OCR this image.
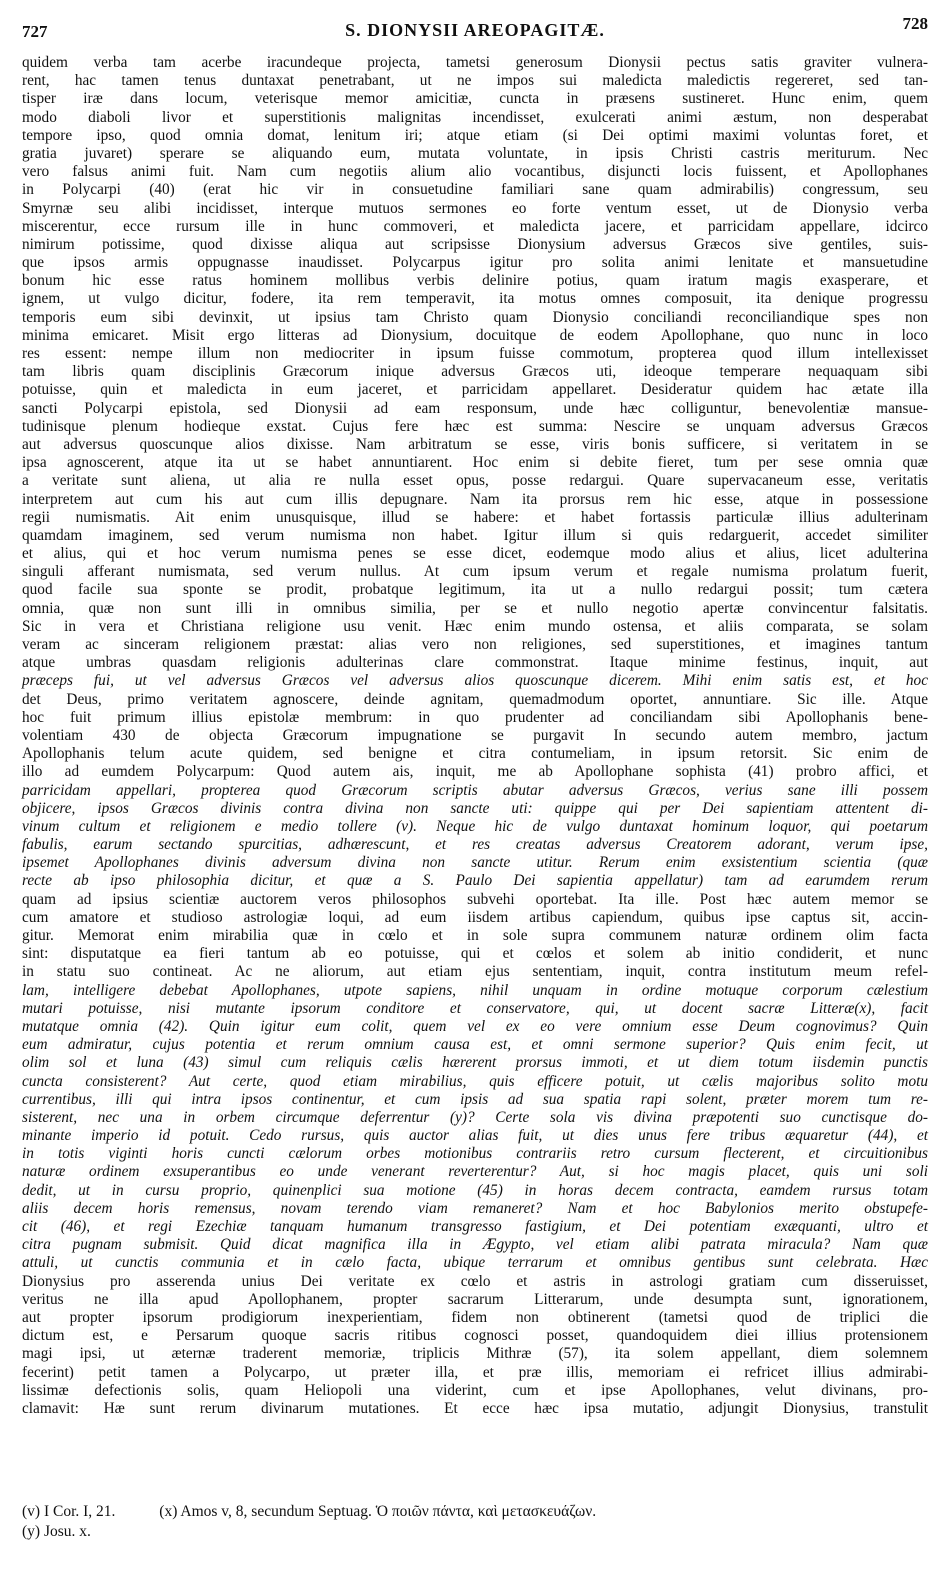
727	S. DIONYSII AREOPAGITÆ.	728
quidem verba tam acerbe iracundeque projecta, tametsi generosum Dionysii pectus satis graviter vulnera-
rent, hac tamen tenus duntaxat penetrabant, ut ne impos sui maledicta maledictis regereret, sed tan-
tisper iræ dans locum, veterisque memor amicitiæ, cuncta in præsens sustineret. Hunc enim, quem
modo diaboli livor et superstitionis malignitas incendisset, exulcerati animi æstum, non desperabat
tempore ipso, quod omnia domat, lenitum iri; atque etiam (si Dei optimi maximi voluntas foret, et
gratia juvaret) sperare se aliquando eum, mutata voluntate, in ipsis Christi castris meriturum. Nec
vero falsus animi fuit. Nam cum negotiis alium alio vocantibus, disjuncti locis fuissent, et Apollophanes
in Polycarpi (40) (erat hic vir in consuetudine familiari sane quam admirabilis) congressum, seu
Smyrnæ seu alibi incidisset, interque mutuos sermones eo forte ventum esset, ut de Dionysio verba
miscerentur, ecce rursum ille in hunc commoveri, et maledicta jacere, et parricidam appellare, idcirco
nimirum potissime, quod dixisse aliqua aut scripsisse Dionysium adversus Græcos sive gentiles, suis-
que ipsos armis oppugnasse inaudisset. Polycarpus igitur pro solita animi lenitate et mansuetudine
bonum hic esse ratus hominem mollibus verbis delinire potius, quam iratum magis exasperare, et
ignem, ut vulgo dicitur, fodere, ita rem temperavit, ita motus omnes composuit, ita denique progressu
temporis eum sibi devinxit, ut ipsius tam Christo quam Dionysio conciliandi reconciliandique spes non
minima emicaret. Misit ergo litteras ad Dionysium, docuitque de eodem Apollophane, quo nunc in loco
res essent: nempe illum non mediocriter in ipsum fuisse commotum, propterea quod illum intellexisset
tam libris quam disciplinis Græcorum inique adversus Græcos uti, ideoque temperare nequaquam sibi
potuisse, quin et maledicta in eum jaceret, et parricidam appellaret. Desideratur quidem hac ætate illa
sancti Polycarpi epistola, sed Dionysii ad eam responsum, unde hæc colliguntur, benevolentiæ mansue-
tudinisque plenum hodieque exstat. Cujus fere hæc est summa: Nescire se unquam adversus Græcos
aut adversus quoscunque alios dixisse. Nam arbitratum se esse, viris bonis sufficere, si veritatem in se
ipsa agnoscerent, atque ita ut se habet annuntiarent. Hoc enim si debite fieret, tum per sese omnia quæ
a veritate sunt aliena, ut alia re nulla esset opus, posse redargui. Quare supervacaneum esse, veritatis
interpretem aut cum his aut cum illis depugnare. Nam ita prorsus rem hic esse, atque in possessione
regii numismatis. Ait enim unusquisque, illud se habere: et habet fortassis particulæ illius adulterinam
quamdam imaginem, sed verum numisma non habet. Igitur illum si quis redarguerit, accedet similiter
et alius, qui et hoc verum numisma penes se esse dicet, eodemque modo alius et alius, licet adulterina
singuli afferant numismata, sed verum nullus. At cum ipsum verum et regale numisma prolatum fuerit,
quod facile sua sponte se prodit, probatque legitimum, ita ut a nullo redargui possit; tum cætera
omnia, quæ non sunt illi in omnibus similia, per se et nullo negotio apertæ convincentur falsitatis.
Sic in vera et Christiana religione usu venit. Hæc enim mundo ostensa, et aliis comparata, se solam
veram ac sinceram religionem præstat: alias vero non religiones, sed superstitiones, et imagines tantum
atque umbras quasdam religionis adulterinas clare commonstrat. Itaque minime festinus, inquit, aut
præceps fui, ut vel adversus Græcos vel adversus alios quoscunque dicerem. Mihi enim satis est, et hoc
det Deus, primo veritatem agnoscere, deinde agnitam, quemadmodum oportet, annuntiare. Sic ille. Atque
hoc fuit primum illius epistolæ membrum: in quo prudenter ad conciliandam sibi Apollophanis bene-
volentiam 430 de objecta Græcorum impugnatione se purgavit In secundo autem membro, jactum
Apollophanis telum acute quidem, sed benigne et citra contumeliam, in ipsum retorsit. Sic enim de
illo ad eumdem Polycarpum: Quod autem ais, inquit, me ab Apollophane sophista (41) probro affici, et
parricidam appellari, propterea quod Græcorum scriptis abutar adversus Græcos, verius sane illi possem
objicere, ipsos Græcos divinis contra divina non sancte uti: quippe qui per Dei sapientiam attentent di-
vinum cultum et religionem e medio tollere (v). Neque hic de vulgo duntaxat hominum loquor, qui poetarum
fabulis, earum sectando spurcitias, adhærescunt, et res creatas adversus Creatorem adorant, verum ipse,
ipsemet Apollophanes divinis adversum divina non sancte utitur. Rerum enim exsistentium scientia (quæ
recte ab ipso philosophia dicitur, et quæ a S. Paulo Dei sapientia appellatur) tam ad earumdem rerum
quam ad ipsius scientiæ auctorem veros philosophos subvehi oportebat. Ita ille. Post hæc autem memor se
cum amatore et studioso astrologiæ loqui, ad eum iisdem artibus capiendum, quibus ipse captus sit, accin-
gitur. Memorat enim mirabilia quæ in cœlo et in sole supra communem naturæ ordinem olim facta
sint: disputatque ea fieri tantum ab eo potuisse, qui et cœlos et solem ab initio condiderit, et nunc
in statu suo contineat. Ac ne aliorum, aut etiam ejus sententiam, inquit, contra institutum meum refel-
lam, intelligere debebat Apollophanes, utpote sapiens, nihil unquam in ordine motuque corporum cælestium
mutari potuisse, nisi mutante ipsorum conditore et conservatore, qui, ut docent sacræ Litteræ(x), facit
mutatque omnia (42). Quin igitur eum colit, quem vel ex eo vere omnium esse Deum cognovimus? Quin
eum admiratur, cujus potentia et rerum omnium causa est, et omni sermone superior? Quis enim fecit, ut
olim sol et luna (43) simul cum reliquis cælis hærerent prorsus immoti, et ut diem totum iisdemin punctis
cuncta consisterent? Aut certe, quod etiam mirabilius, quis efficere potuit, ut cælis majoribus solito motu
currentibus, illi qui intra ipsos continentur, et cum ipsis ad sua spatia rapi solent, præter morem tum re-
sisterent, nec una in orbem circumque deferrentur (y)? Certe sola vis divina præpotenti suo cunctisque do-
minante imperio id potuit. Cedo rursus, quis auctor alias fuit, ut dies unus fere tribus æquaretur (44), et
in totis viginti horis cuncti cælorum orbes motionibus contrariis retro cursum flecterent, et circuitionibus
naturæ ordinem exsuperantibus eo unde venerant reverterentur? Aut, si hoc magis placet, quis uni soli
dedit, ut in cursu proprio, quinenplici sua motione (45) in horas decem contracta, eamdem rursus totam
aliis decem horis remensus, novam terendo viam remaneret? Nam et hoc Babylonios merito obstupefe-
cit (46), et regi Ezechiæ tanquam humanum transgresso fastigium, et Dei potentiam exæquanti, ultro et
citra pugnam submisit. Quid dicat magnifica illa in Ægypto, vel etiam alibi patrata miracula? Nam quæ
attuli, ut cunctis communia et in cælo facta, ubique terrarum et omnibus gentibus sunt celebrata. Hæc
Dionysius pro asserenda unius Dei veritate ex cœlo et astris in astrologi gratiam cum disseruisset,
veritus ne illa apud Apollophanem, propter sacrarum Litterarum, unde desumpta sunt, ignorationem,
aut propter ipsorum prodigiorum inexperientiam, fidem non obtinerent (tametsi quod de triplici die
dictum est, e Persarum quoque sacris ritibus cognosci posset, quandoquidem diei illius protensionem
magi ipsi, ut æternæ traderent memoriæ, triplicis Mithræ (57), ita solem appellant, diem solemnem
fecerint) petit tamen a Polycarpo, ut præter illa, et præ illis, memoriam ei refricet illius admirabi-
lissimæ defectionis solis, quam Heliopoli una viderint, cum et ipse Apollophanes, velut divinans, pro-
clamavit: Hæ sunt rerum divinarum mutationes. Et ecce hæc ipsa mutatio, adjungit Dionysius, transtulit
(v) I Cor. I, 21.	(x) Amos v, 8, secundum Septuag. Ὁ ποιῶν πάντα, καὶ μετασκευάζων.
(y) Josu. x.
